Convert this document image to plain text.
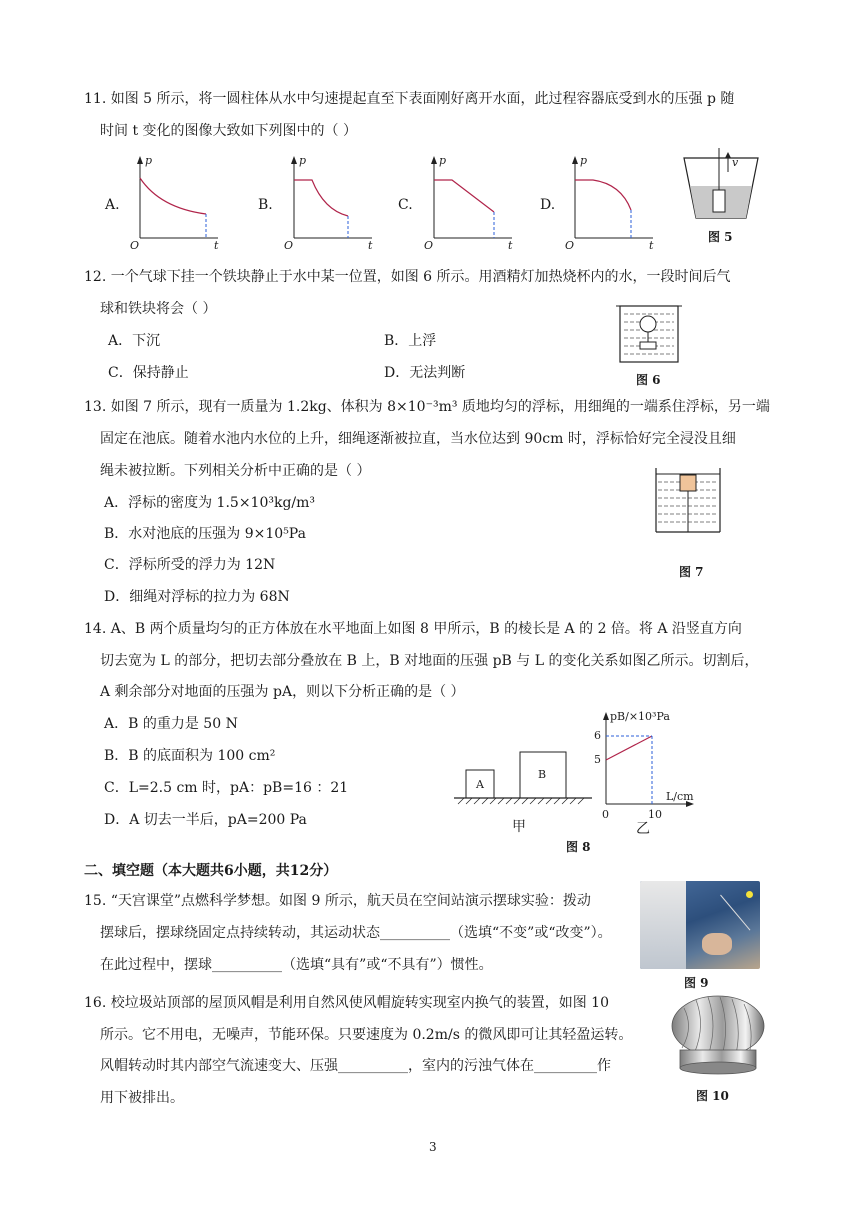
11. 如图 5 所示，将一圆柱体从水中匀速提起直至下表面刚好离开水面，此过程容器底受到水的压强 p 随
时间 t 变化的图像大致如下列图中的（ ）
A.	B.	C.	D.
p
t
O
p
t
O
p
t
O
p
t
O
v
图 5
12. 一个气球下挂一个铁块静止于水中某一位置，如图 6 所示。用酒精灯加热烧杯内的水，一段时间后气
球和铁块将会（ ）
A．下沉	B．上浮
C．保持静止	D．无法判断	图 6
13. 如图 7 所示，现有一质量为 1.2kg、体积为 8×10⁻³m³ 质地均匀的浮标，用细绳的一端系住浮标，另一端
固定在池底。随着水池内水位的上升，细绳逐渐被拉直，当水位达到 90cm 时，浮标恰好完全浸没且细
绳未被拉断。下列相关分析中正确的是（ ）
A．浮标的密度为 1.5×10³kg/m³
B．水对池底的压强为 9×10⁵Pa
C．浮标所受的浮力为 12N
D．细绳对浮标的拉力为 68N
图 7
14. A、B 两个质量均匀的正方体放在水平地面上如图 8 甲所示，B 的棱长是 A 的 2 倍。将 A 沿竖直方向
切去宽为 L 的部分，把切去部分叠放在 B 上，B 对地面的压强 pB 与 L 的变化关系如图乙所示。切割后，
A 剩余部分对地面的压强为 pA，则以下分析正确的是（ ）
A．B 的重力是 50 N
B．B 的底面积为 100 cm²
C．L=2.5 cm 时，pA：pB=16 ：21
D．A 切去一半后，pA=200 Pa
A
B
甲
pB/×10³Pa
L/cm
6
5
0	10
乙
图 8
二、填空题（本大题共6小题，共12分）
15. “天宫课堂”点燃科学梦想。如图 9 所示，航天员在空间站演示摆球实验：拨动
摆球后，摆球绕固定点持续转动，其运动状态__________（选填“不变”或“改变”）。
在此过程中，摆球__________（选填“具有”或“不具有”）惯性。
图 9
16. 校垃圾站顶部的屋顶风帽是利用自然风使风帽旋转实现室内换气的装置，如图 10
所示。它不用电，无噪声，节能环保。只要速度为 0.2m/s 的微风即可让其轻盈运转。
风帽转动时其内部空气流速变大、压强__________，室内的污浊气体在_________作
用下被排出。	图 10
3
